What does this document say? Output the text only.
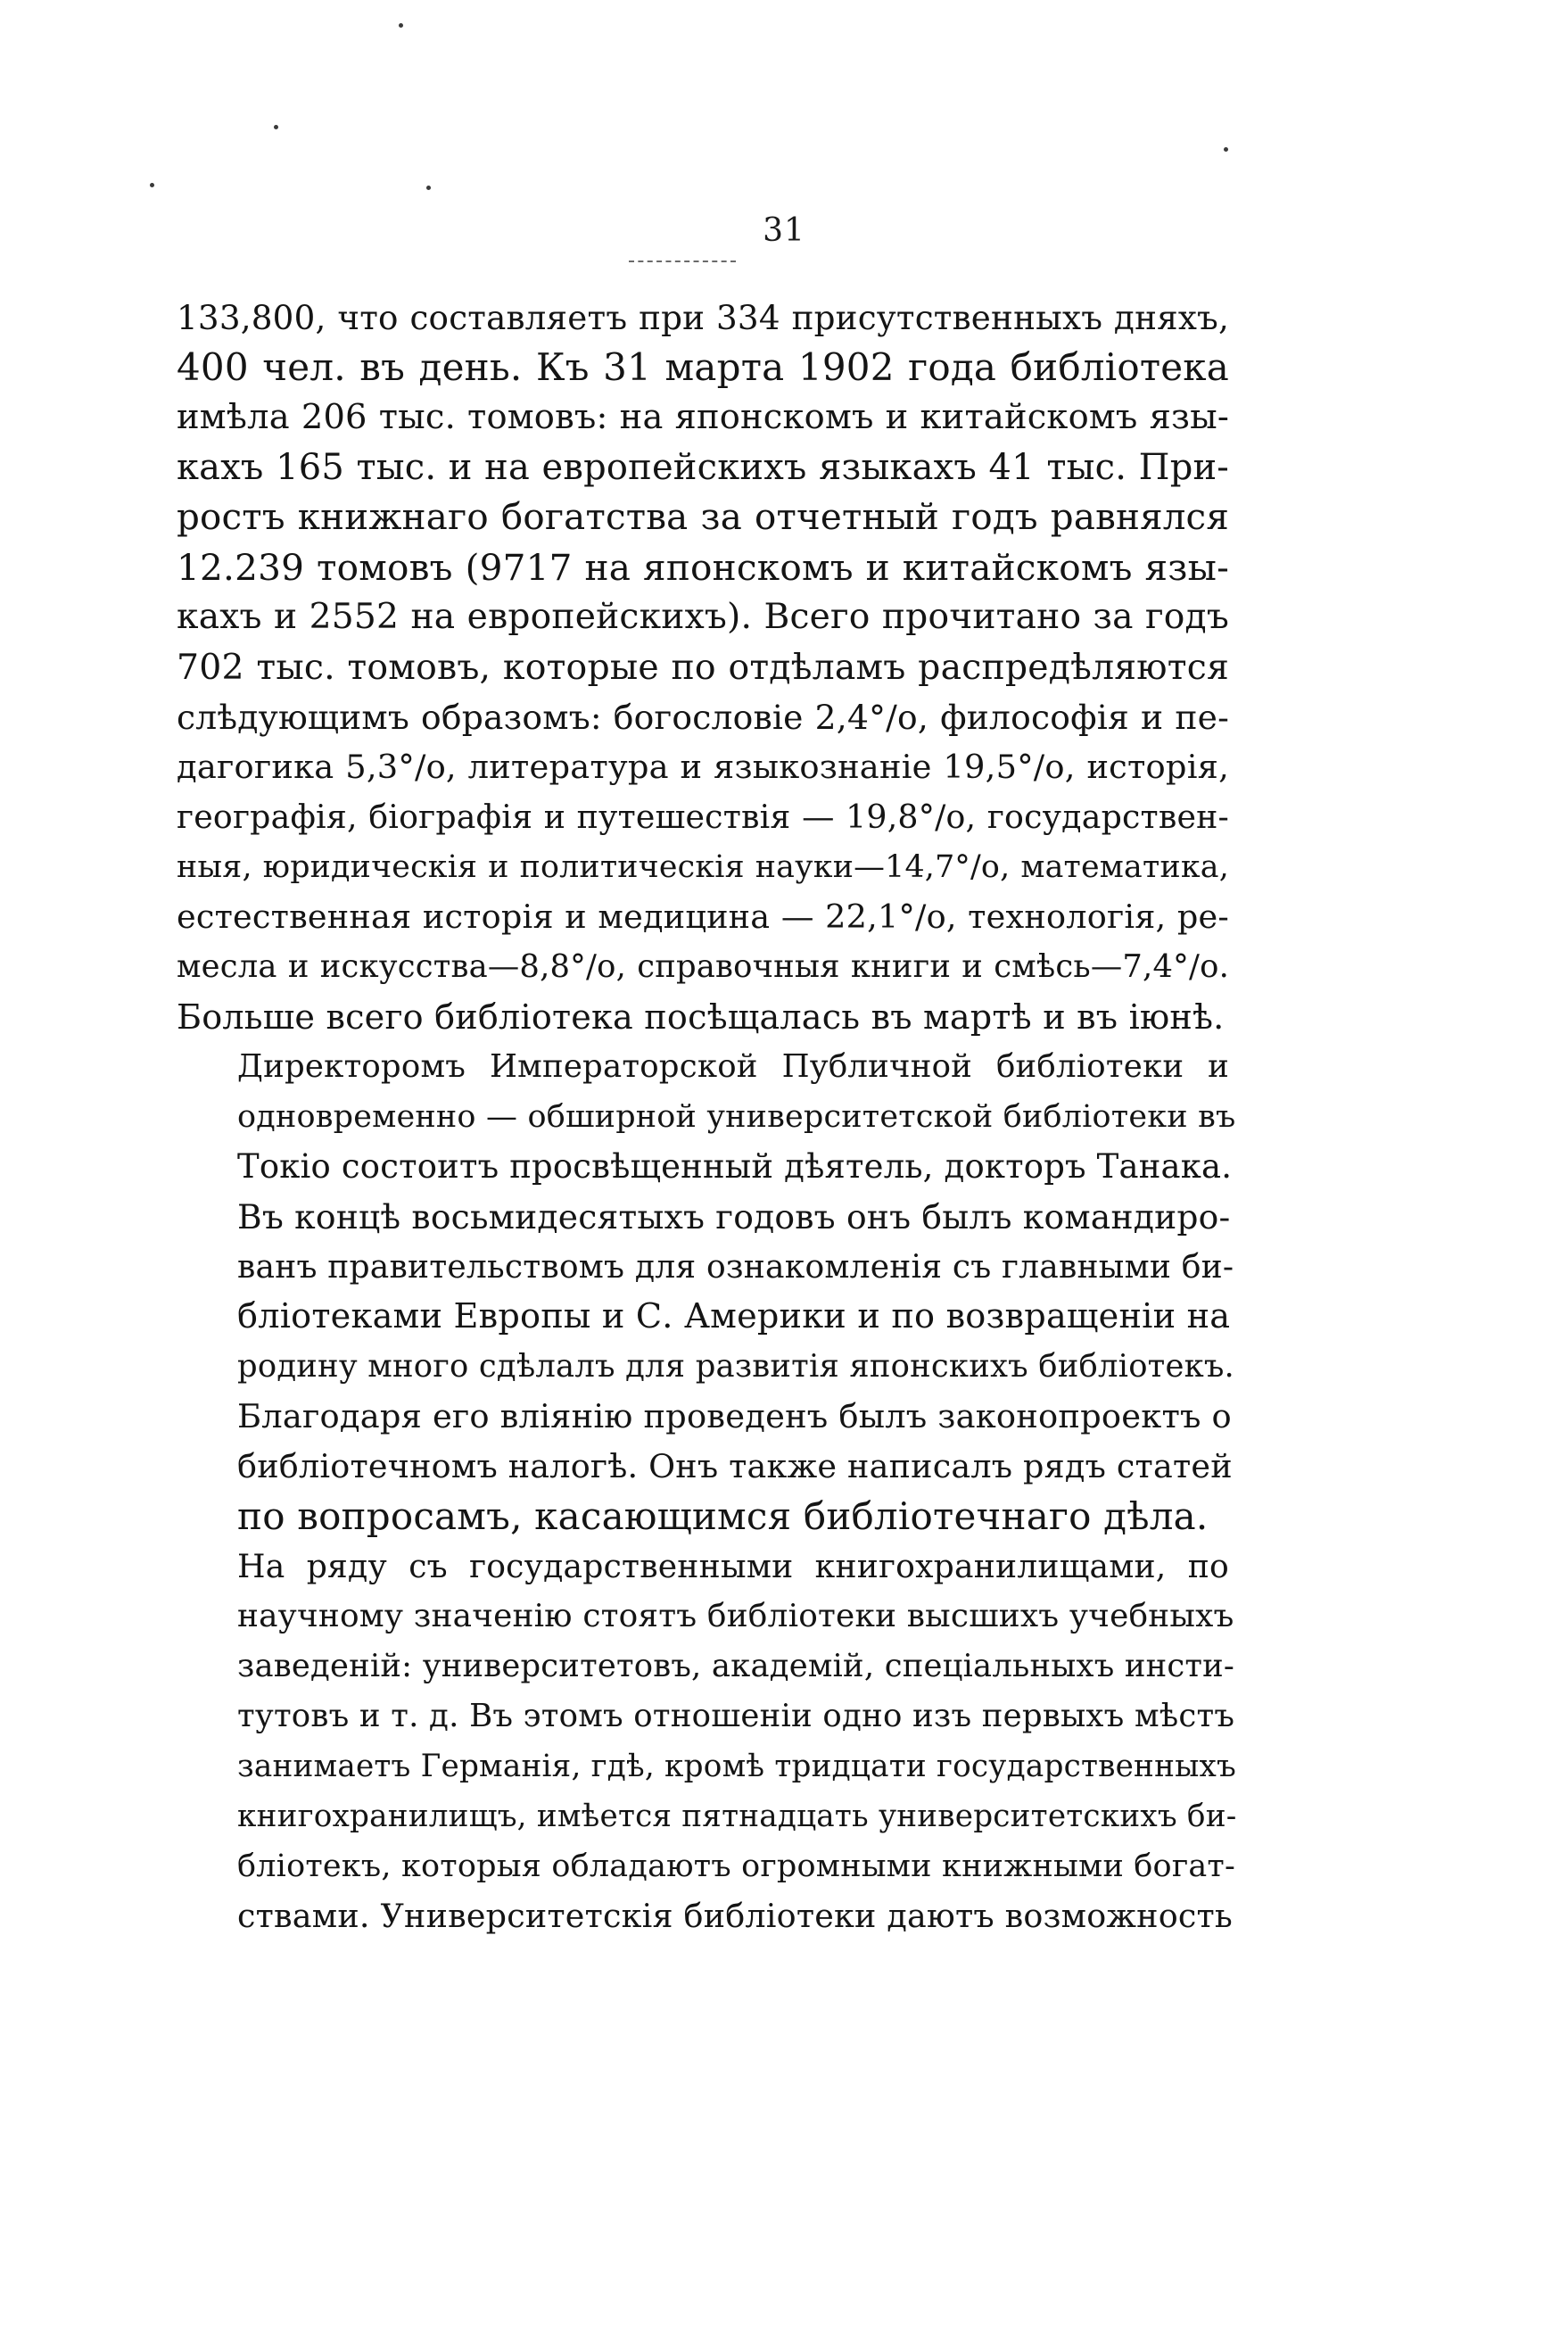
31

133,800, что составляетъ при 334 присутственныхъ дняхъ,
400 чел. въ день. Къ 31 марта 1902 года библіотека
имѣла 206 тыс. томовъ: на японскомъ и китайскомъ язы-
кахъ 165 тыс. и на европейскихъ языкахъ 41 тыс. При-
ростъ книжнаго богатства за отчетный годъ равнялся
12.239 томовъ (9717 на японскомъ и китайскомъ язы-
кахъ и 2552 на европейскихъ). Всего прочитано за годъ
702 тыс. томовъ, которые по отдѣламъ распредѣляются
слѣдующимъ образомъ: богословіе 2,4°/о, философія и пе-
дагогика 5,3°/о, литература и языкознаніе 19,5°/о, исторія,
географія, біографія и путешествія — 19,8°/о, государствен-
ныя, юридическія и политическія науки—14,7°/о, математика,
естественная исторія и медицина — 22,1°/о, технологія, ре-
месла и искусства—8,8°/о, справочныя книги и смѣсь—7,4°/о.
Больше всего библіотека посѣщалась въ мартѣ и въ іюнѣ.

Директоромъ Императорской Публичной библіотеки и
одновременно — обширной университетской библіотеки въ
Токіо состоитъ просвѣщенный дѣятель, докторъ Танака.
Въ концѣ восьмидесятыхъ годовъ онъ былъ командиро-
ванъ правительствомъ для ознакомленія съ главными би-
бліотеками Европы и С. Америки и по возвращеніи на
родину много сдѣлалъ для развитія японскихъ библіотекъ.
Благодаря его вліянію проведенъ былъ законопроектъ о
библіотечномъ налогѣ. Онъ также написалъ рядъ статей
по вопросамъ, касающимся библіотечнаго дѣла.

На ряду съ государственными книгохранилищами, по
научному значенію стоятъ библіотеки высшихъ учебныхъ
заведеній: университетовъ, академій, спеціальныхъ инсти-
тутовъ и т. д. Въ этомъ отношеніи одно изъ первыхъ мѣстъ
занимаетъ Германія, гдѣ, кромѣ тридцати государственныхъ
книгохранилищъ, имѣется пятнадцать университетскихъ би-
бліотекъ, которыя обладаютъ огромными книжными богат-
ствами. Университетскія библіотеки даютъ возможность
